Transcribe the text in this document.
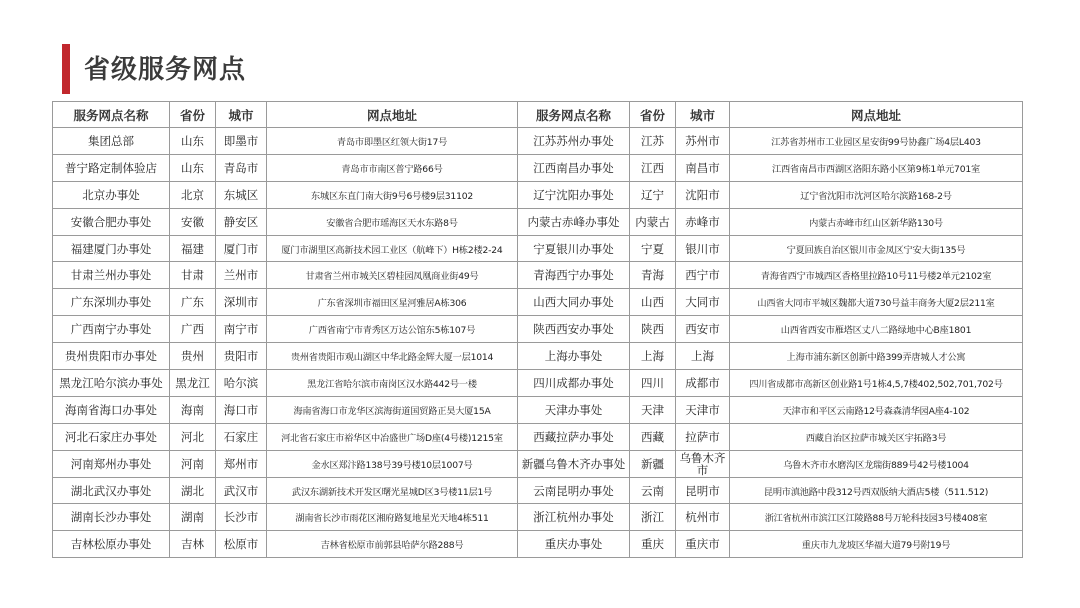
省级服务网点
服务网点名称	省份	城市	网点地址	服务网点名称	省份	城市	网点地址
集团总部	山东	即墨市	青岛市即墨区红领大街17号	江苏苏州办事处	江苏	苏州市	江苏省苏州市工业园区星安街99号协鑫广场4层L403
普宁路定制体验店	山东	青岛市	青岛市市南区普宁路66号	江西南昌办事处	江西	南昌市	江西省南昌市西湖区洛阳东路小区第9栋1单元701室
北京办事处	北京	东城区	东城区东直门南大街9号6号楼9层31102	辽宁沈阳办事处	辽宁	沈阳市	辽宁省沈阳市沈河区哈尔滨路168-2号
安徽合肥办事处	安徽	静安区	安徽省合肥市瑶海区天水东路8号	内蒙古赤峰办事处	内蒙古	赤峰市	内蒙古赤峰市红山区新华路130号
福建厦门办事处	福建	厦门市	厦门市湖里区高新技术园工业区（航峰下）H栋2楼2-24	宁夏银川办事处	宁夏	银川市	宁夏回族自治区银川市金凤区宁安大街135号
甘肃兰州办事处	甘肃	兰州市	甘肃省兰州市城关区碧桂园凤凰商业街49号	青海西宁办事处	青海	西宁市	青海省西宁市城西区香格里拉路10号11号楼2单元2102室
广东深圳办事处	广东	深圳市	广东省深圳市福田区星河雅居A栋306	山西大同办事处	山西	大同市	山西省大同市平城区魏都大道730号益丰商务大厦2层211室
广西南宁办事处	广西	南宁市	广西省南宁市青秀区万达公馆东5栋107号	陕西西安办事处	陕西	西安市	山西省西安市雁塔区丈八二路绿地中心B座1801
贵州贵阳市办事处	贵州	贵阳市	贵州省贵阳市观山湖区中华北路金辉大厦一层1014	上海办事处	上海	上海	上海市浦东新区创新中路399弄唐城人才公寓
黑龙江哈尔滨办事处	黑龙江	哈尔滨	黑龙江省哈尔滨市南岗区汉水路442号一楼	四川成都办事处	四川	成都市	四川省成都市高新区创业路1号1栋4,5,7楼402,502,701,702号
海南省海口办事处	海南	海口市	海南省海口市龙华区滨海街道国贸路正昊大厦15A	天津办事处	天津	天津市	天津市和平区云南路12号森森清华园A座4-102
河北石家庄办事处	河北	石家庄	河北省石家庄市裕华区中冶盛世广场D座(4号楼)1215室	西藏拉萨办事处	西藏	拉萨市	西藏自治区拉萨市城关区宇拓路3号
河南郑州办事处	河南	郑州市	金水区郑汴路138号39号楼10层1007号	新疆乌鲁木齐办事处	新疆	乌鲁木齐市	乌鲁木齐市水磨沟区龙瑞街889号42号楼1004
湖北武汉办事处	湖北	武汉市	武汉东湖新技术开发区曙光星城D区3号楼11层1号	云南昆明办事处	云南	昆明市	昆明市滇池路中段312号西双版纳大酒店5楼（511.512)
湖南长沙办事处	湖南	长沙市	湖南省长沙市雨花区湘府路复地星光天地4栋511	浙江杭州办事处	浙江	杭州市	浙江省杭州市滨江区江陵路88号万轮科技园3号楼408室
吉林松原办事处	吉林	松原市	吉林省松原市前郭县哈萨尔路288号	重庆办事处	重庆	重庆市	重庆市九龙坡区华福大道79号附19号
